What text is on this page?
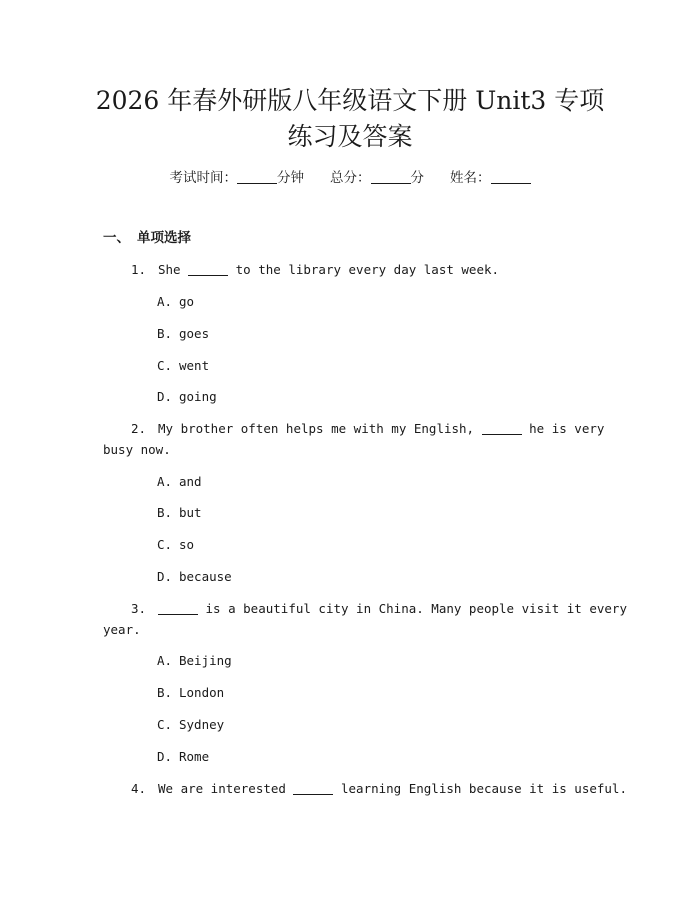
2026 年春外研版八年级语文下册 Unit3 专项
练习及答案
考试时间：	分钟 总分：	分 姓名：
一、 单项选择
1. She	to the library every day last week.
A. go
B. goes
C. went
D. going
2. My brother often helps me with my English,	he is very
busy now.
A. and
B. but
C. so
D. because
3.	is a beautiful city in China. Many people visit it every
year.
A. Beijing
B. London
C. Sydney
D. Rome
4. We are interested	learning English because it is useful.
